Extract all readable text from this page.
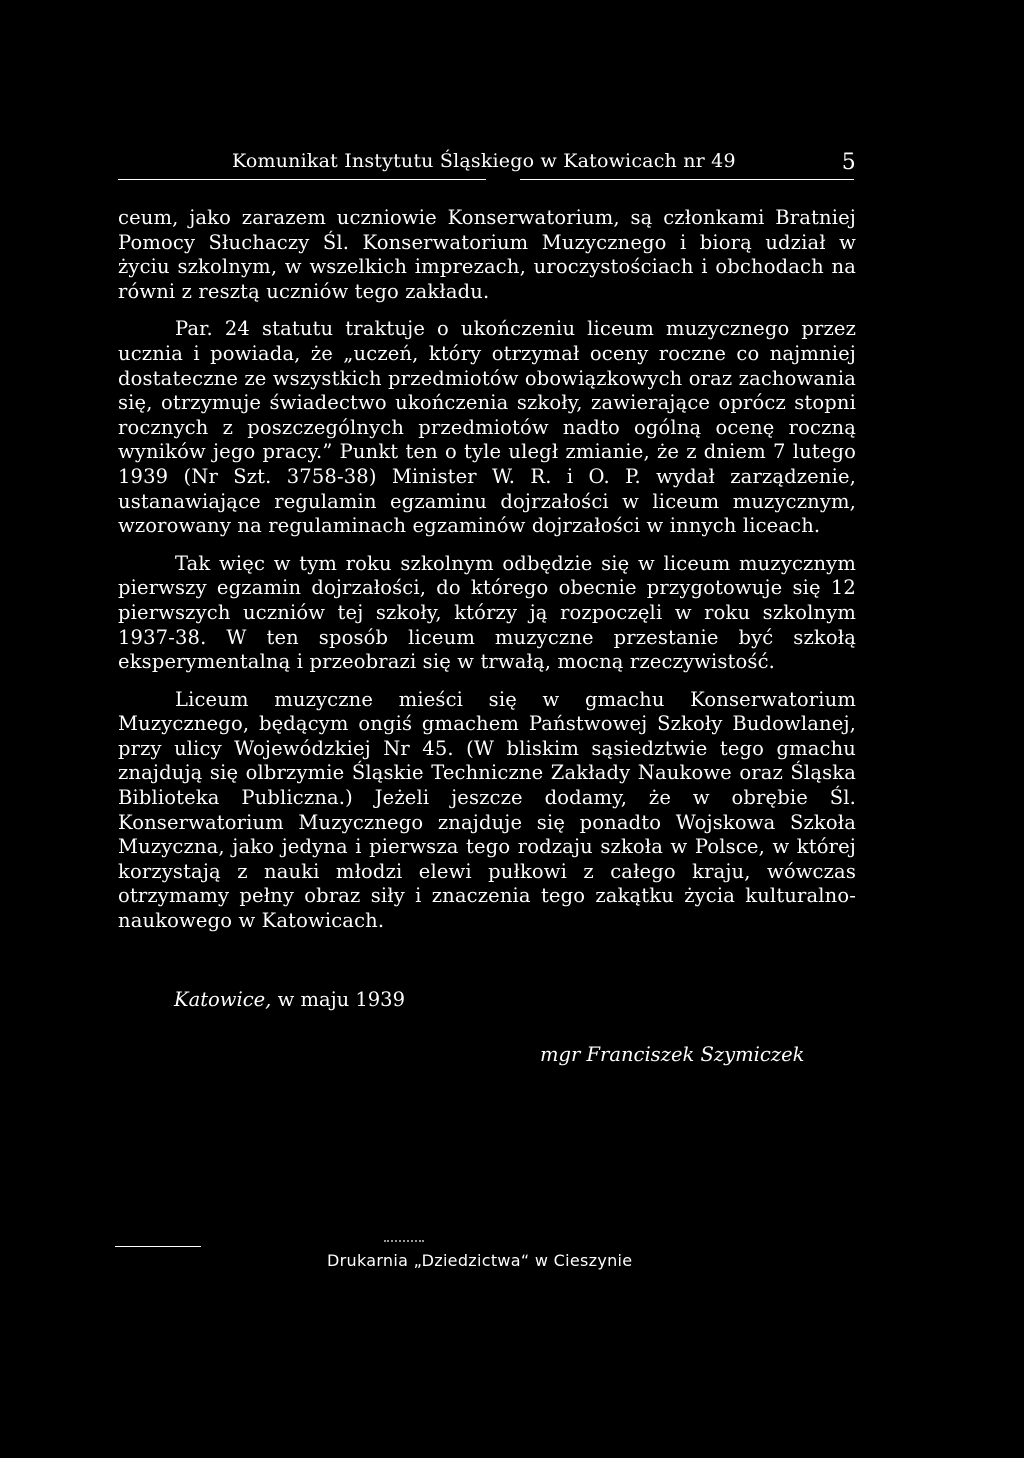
Komunikat Instytutu Śląskiego w Katowicach nr 49	5

ceum, jako zarazem uczniowie Konserwatorium, są członkami Bratniej Pomocy Słuchaczy Śl. Konserwatorium Muzycznego i biorą udział w życiu szkolnym, w wszelkich imprezach, uroczystościach i obchodach na równi z resztą uczniów tego zakładu.

Par. 24 statutu traktuje o ukończeniu liceum muzycznego przez ucznia i powiada, że „uczeń, który otrzymał oceny roczne co najmniej dostateczne ze wszystkich przedmiotów obowiązkowych oraz zachowania się, otrzymuje świadectwo ukończenia szkoły, zawierające oprócz stopni rocznych z poszczególnych przedmiotów nadto ogólną ocenę roczną wyników jego pracy.” Punkt ten o tyle uległ zmianie, że z dniem 7 lutego 1939 (Nr Szt. 3758-38) Minister W. R. i O. P. wydał zarządzenie, ustanawiające regulamin egzaminu dojrzałości w liceum muzycznym, wzorowany na regulaminach egzaminów dojrzałości w innych liceach.

Tak więc w tym roku szkolnym odbędzie się w liceum muzycznym pierwszy egzamin dojrzałości, do którego obecnie przygotowuje się 12 pierwszych uczniów tej szkoły, którzy ją rozpoczęli w roku szkolnym 1937-38. W ten sposób liceum muzyczne przestanie być szkołą eksperymentalną i przeobrazi się w trwałą, mocną rzeczywistość.

Liceum muzyczne mieści się w gmachu Konserwatorium Muzycznego, będącym ongiś gmachem Państwowej Szkoły Budowlanej, przy ulicy Wojewódzkiej Nr 45. (W bliskim sąsiedztwie tego gmachu znajdują się olbrzymie Śląskie Techniczne Zakłady Naukowe oraz Śląska Biblioteka Publiczna.) Jeżeli jeszcze dodamy, że w obrębie Śl. Konserwatorium Muzycznego znajduje się ponadto Wojskowa Szkoła Muzyczna, jako jedyna i pierwsza tego rodzaju szkoła w Polsce, w której korzystają z nauki młodzi elewi pułkowi z całego kraju, wówczas otrzymamy pełny obraz siły i znaczenia tego zakątku życia kulturalno-naukowego w Katowicach.

Katowice, w maju 1939
mgr Franciszek Szymiczek
Drukarnia „Dziedzictwa“ w Cieszynie
